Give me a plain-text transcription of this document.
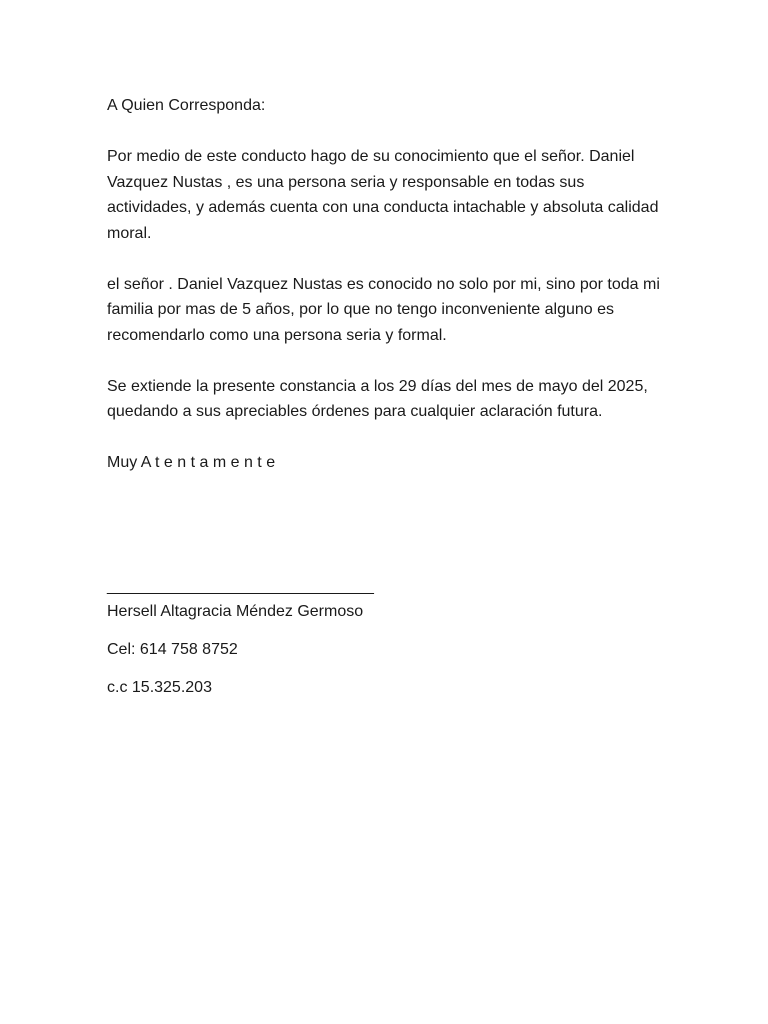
A Quien Corresponda:

Por medio de este conducto hago de su conocimiento que el señor. Daniel

Vazquez Nustas , es una persona seria y responsable en todas sus

actividades, y además cuenta con una conducta intachable y absoluta calidad

moral.

el señor . Daniel Vazquez Nustas es conocido no solo por mi, sino por toda mi

familia por mas de 5 años, por lo que no tengo inconveniente alguno es

recomendarlo como una persona seria y formal.

Se extiende la presente constancia a los 29 días del mes de mayo del 2025,

quedando a sus apreciables órdenes para cualquier aclaración futura.

Muy A t e n t a m e n t e

______________________________

Hersell Altagracia Méndez Germoso

Cel: 614 758 8752

c.c 15.325.203
